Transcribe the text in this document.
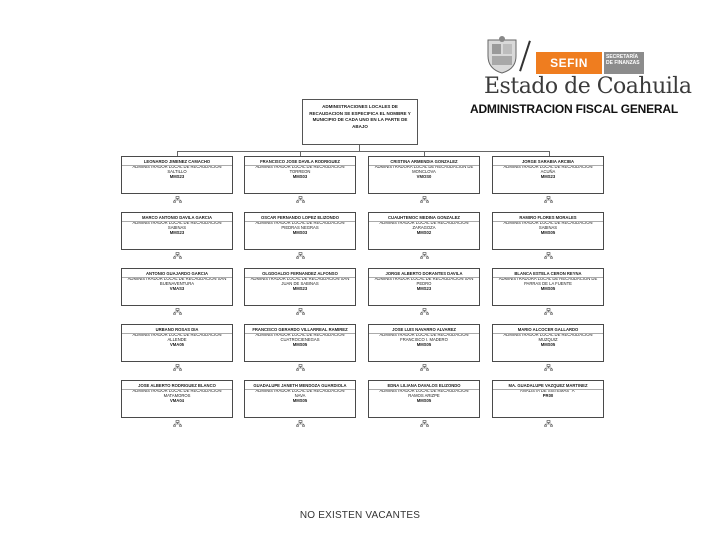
SEFIN	SECRETARÍA DE FINANZAS
Estado de Coahuila
ADMINISTRACION FISCAL GENERAL
ADMINISTRACIONES LOCALES DE RECAUDACION SE ESPECIFICA EL NOMBRE Y MUNICIPIO DE CADA UNO EN LA PARTE DE ABAJO
LEONARDO JIMENEZ CAMACHO
ADMINISTRADOR LOCAL DE RECAUDACION
SALTILLO
MMS23
FRANCISCO JOSE DAVILA RODRIGUEZ
ADMINISTRADOR LOCAL DE RECAUDACION
TORREON
MMS03
CRISTINA ARMENDIA GONZALEZ
ADMINISTRADORA LOCAL DE RECAUDACION DE
MONCLOVA
VMOS0
JORGE SARABIA ARCIBA
ADMINISTRADOR LOCAL DE RECAUDACION
ACUÑA
MMS23
MARCO ANTONIO DAVILA GARCIA
ADMINISTRADOR LOCAL DE RECAUDACION
SABINAS
MMS23
OSCAR FERNANDO LOPEZ ELIZONDO
ADMINISTRADOR LOCAL DE RECAUDACION
PIEDRAS NEGRAS
MMS03
CUAUHTEMOC MEDINA GONZALEZ
ADMINISTRADOR LOCAL DE RECAUDACION
ZARAGOZA
MMS02
RAMIRO FLORES MORALES
ADMINISTRADOR LOCAL DE RECAUDACION
SABINAS
MMS05
ANTONIO GUAJARDO GARCIA
ADMINISTRADOR LOCAL DE RECAUDACION SAN
BUENAVENTURA
VMAS3
OLGDOALDO FERNANDEZ ALFONSO
ADMINISTRADOR LOCAL DE RECAUDACION SAN
JUAN DE SABINAS
MMS23
JORGE ALBERTO DORANTES DAVILA
ADMINISTRADOR LOCAL DE RECAUDACION SAN
PEDRO
MMS23
BLANCA ESTELA CERON REYNA
ADMINISTRADORA LOCAL DE RECAUDACION DE
PARRAS DE LA FUENTE
MMS05
URBANO ROSAS DIA
ADMINISTRADOR LOCAL DE RECAUDACION
ALLENDE
VMA05
FRANCISCO GERARDO VILLARREAL RAMIREZ
ADMINISTRADOR LOCAL DE RECAUDACION
CUATROCIENEGAS
MMS05
JOSE LUIS NAVARRO ALVAREZ
ADMINISTRADOR LOCAL DE RECAUDACION
FRANCISCO I. MADERO
MMS05
MARIO ALCOCER GALLARDO
ADMINISTRADOR LOCAL DE RECAUDACION
MUZQUIZ
MMS05
JOSE ALBERTO RODRIGUEZ BLANCO
ADMINISTRADOR LOCAL DE RECAUDACION
MATAMOROS
VMA04
GUADALUPE JANETH MENDOZA GUARDIOLA
ADMINISTRADOR LOCAL DE RECAUDACION
NAVA
MMS05
EDNA LILIANA DAVALOS ELIZONDO
ADMINISTRADOR LOCAL DE RECAUDACION
RAMOS ARIZPE
MMS05
MA. GUADALUPE VAZQUEZ MARTINEZ
ANALISTA DE SISTEMAS "A"
PR00
NO EXISTEN VACANTES
